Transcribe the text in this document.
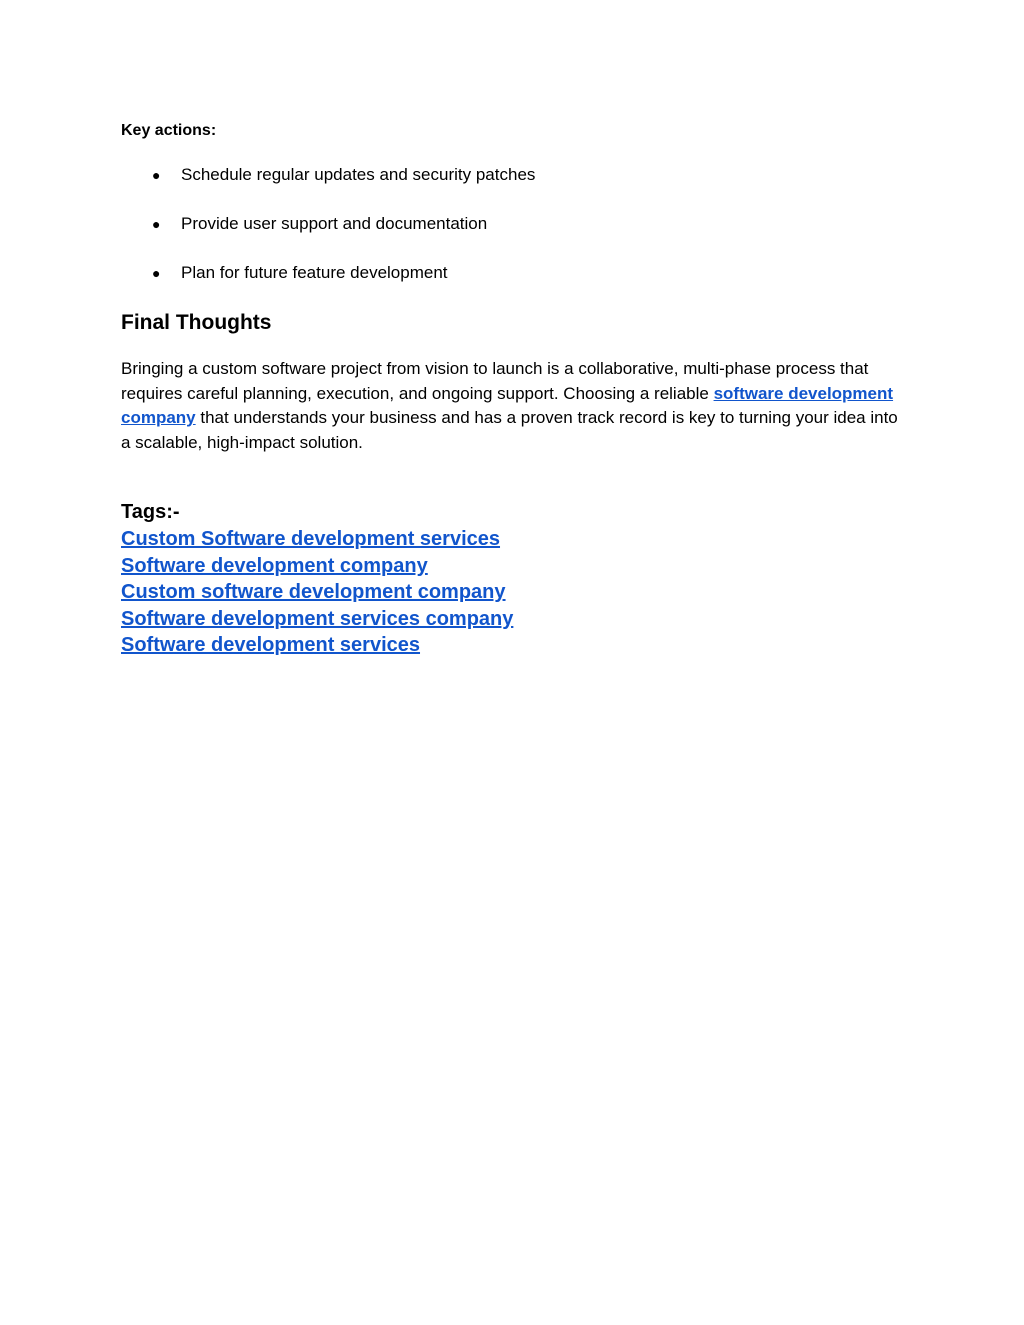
Key actions:

● Schedule regular updates and security patches
● Provide user support and documentation
● Plan for future feature development
Final Thoughts

Bringing a custom software project from vision to launch is a collaborative, multi-phase process that requires careful planning, execution, and ongoing support. Choosing a reliable software development company that understands your business and has a proven track record is key to turning your idea into a scalable, high-impact solution.

Tags:-

Custom Software development services
Software development company
Custom software development company
Software development services company
Software development services
